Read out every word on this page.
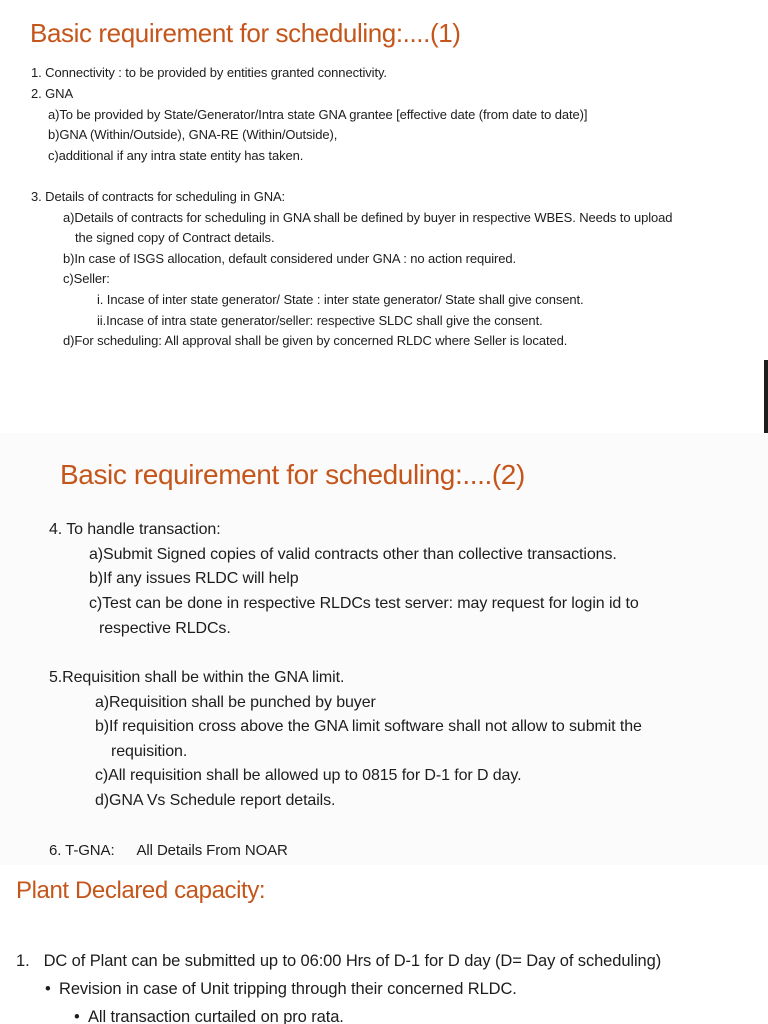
Basic requirement for scheduling:....(1)

1. Connectivity : to be provided by entities granted connectivity.

2. GNA

a)To be provided by State/Generator/Intra state GNA grantee [effective date (from date to date)]

b)GNA (Within/Outside), GNA-RE (Within/Outside),

c)additional if any intra state entity has taken.

3. Details of contracts for scheduling in GNA:

a)Details of contracts for scheduling in GNA shall be defined by buyer in respective WBES. Needs to upload

the signed copy of Contract details.

b)In case of ISGS allocation, default considered under GNA : no action required.

c)Seller:

i. Incase of inter state generator/ State : inter state generator/ State shall give consent.

ii.Incase of intra state generator/seller: respective SLDC shall give the consent.

d)For scheduling: All approval shall be given by concerned RLDC where Seller is located.

Basic requirement for scheduling:....(2)

4. To handle transaction:

a)Submit Signed copies of valid contracts other than collective transactions.

b)If any issues RLDC will help

c)Test can be done in respective RLDCs test server: may request for login id to

respective RLDCs.

5.Requisition shall be within the GNA limit.

a)Requisition shall be punched by buyer

b)If requisition cross above the GNA limit software shall not allow to submit the

requisition.

c)All requisition shall be allowed up to 0815 for D-1 for D day.

d)GNA Vs Schedule report details.

6. T-GNA: All Details From NOAR

Plant Declared capacity:

1. DC of Plant can be submitted up to 06:00 Hrs of D-1 for D day (D= Day of scheduling)

• Revision in case of Unit tripping through their concerned RLDC.

• All transaction curtailed on pro rata.
